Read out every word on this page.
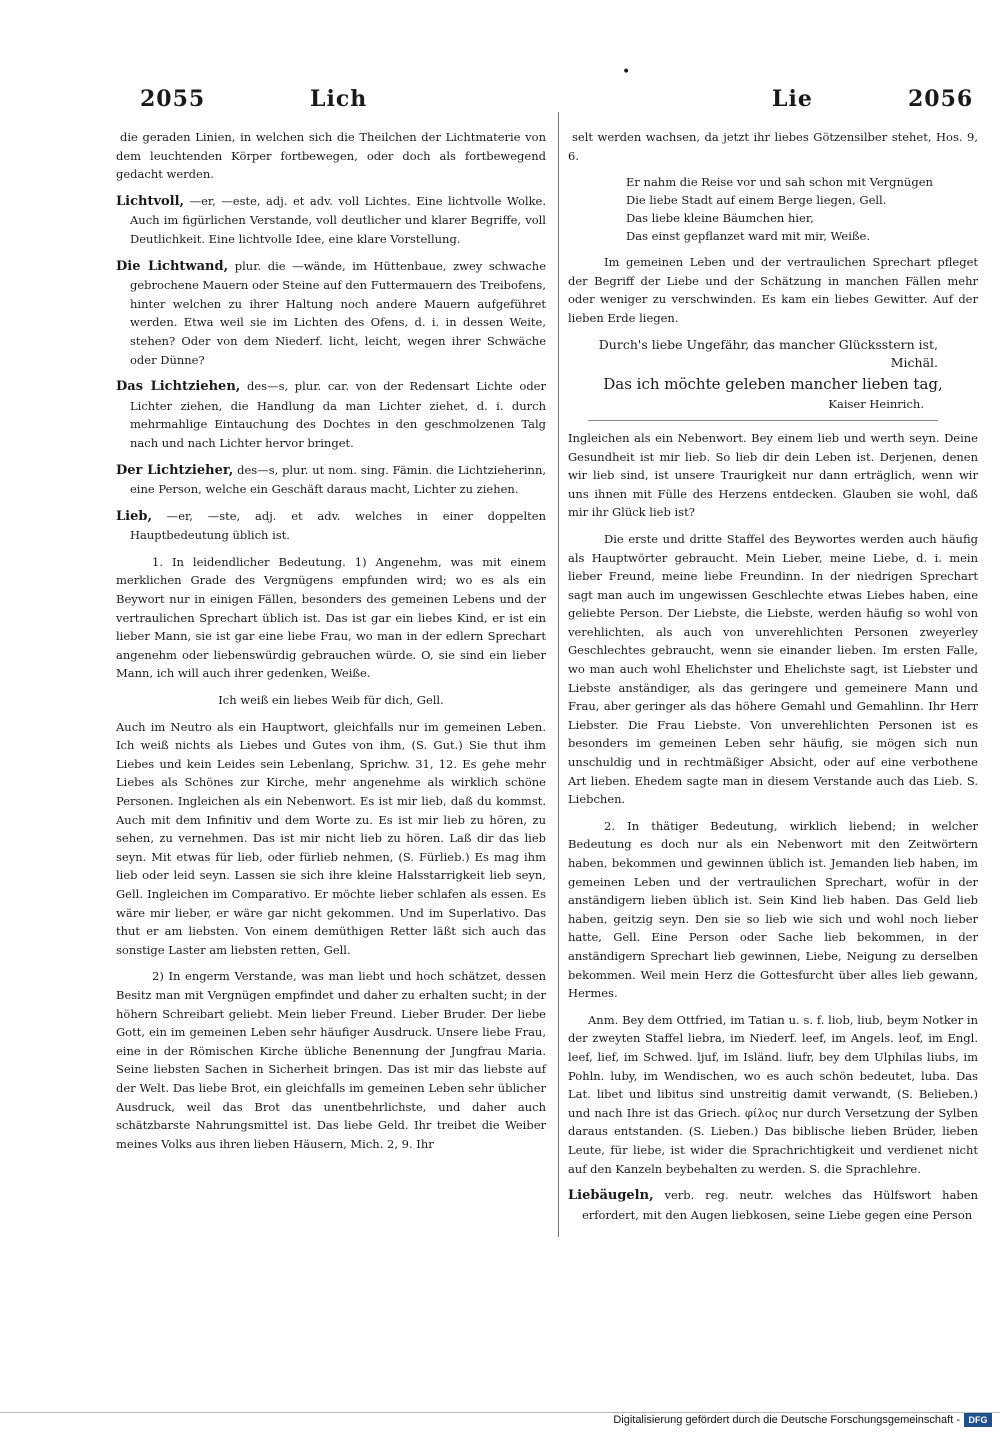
2055	Lich
•
Lie	2056

die geraden Linien, in welchen sich die Theilchen der Lichtmaterie von dem leuchtenden Körper fortbewegen, oder doch als fortbewegend gedacht werden.

Lichtvoll, —er, —este, adj. et adv. voll Lichtes. Eine lichtvolle Wolke. Auch im figürlichen Verstande, voll deutlicher und klarer Begriffe, voll Deutlichkeit. Eine lichtvolle Idee, eine klare Vorstellung.

Die Lichtwand, plur. die —wände, im Hüttenbaue, zwey schwache gebrochene Mauern oder Steine auf den Futtermauern des Treibofens, hinter welchen zu ihrer Haltung noch andere Mauern aufgeführet werden. Etwa weil sie im Lichten des Ofens, d. i. in dessen Weite, stehen? Oder von dem Niederf. licht, leicht, wegen ihrer Schwäche oder Dünne?

Das Lichtziehen, des—s, plur. car. von der Redensart Lichte oder Lichter ziehen, die Handlung da man Lichter ziehet, d. i. durch mehrmahlige Eintauchung des Dochtes in den geschmolzenen Talg nach und nach Lichter hervor bringet.

Der Lichtzieher, des—s, plur. ut nom. sing. Fämin. die Lichtzieherinn, eine Person, welche ein Geschäft daraus macht, Lichter zu ziehen.

Lieb, —er, —ste, adj. et adv. welches in einer doppelten Hauptbedeutung üblich ist.

1. In leidendlicher Bedeutung. 1) Angenehm, was mit einem merklichen Grade des Vergnügens empfunden wird; wo es als ein Beywort nur in einigen Fällen, besonders des gemeinen Lebens und der vertraulichen Sprechart üblich ist. Das ist gar ein liebes Kind, er ist ein lieber Mann, sie ist gar eine liebe Frau, wo man in der edlern Sprechart angenehm oder liebenswürdig gebrauchen würde. O, sie sind ein lieber Mann, ich will auch ihrer gedenken, Weiße.

Ich weiß ein liebes Weib für dich, Gell.

Auch im Neutro als ein Hauptwort, gleichfalls nur im gemeinen Leben. Ich weiß nichts als Liebes und Gutes von ihm, (S. Gut.) Sie thut ihm Liebes und kein Leides sein Lebenlang, Sprichw. 31, 12. Es gehe mehr Liebes als Schönes zur Kirche, mehr angenehme als wirklich schöne Personen. Ingleichen als ein Nebenwort. Es ist mir lieb, daß du kommst. Auch mit dem Infinitiv und dem Worte zu. Es ist mir lieb zu hören, zu sehen, zu vernehmen. Das ist mir nicht lieb zu hören. Laß dir das lieb seyn. Mit etwas für lieb, oder fürlieb nehmen, (S. Fürlieb.) Es mag ihm lieb oder leid seyn. Lassen sie sich ihre kleine Halsstarrigkeit lieb seyn, Gell. Ingleichen im Comparativo. Er möchte lieber schlafen als essen. Es wäre mir lieber, er wäre gar nicht gekommen. Und im Superlativo. Das thut er am liebsten. Von einem demüthigen Retter läßt sich auch das sonstige Laster am liebsten retten, Gell.

2) In engerm Verstande, was man liebt und hoch schätzet, dessen Besitz man mit Vergnügen empfindet und daher zu erhalten sucht; in der höhern Schreibart geliebt. Mein lieber Freund. Lieber Bruder. Der liebe Gott, ein im gemeinen Leben sehr häufiger Ausdruck. Unsere liebe Frau, eine in der Römischen Kirche übliche Benennung der Jungfrau Maria. Seine liebsten Sachen in Sicherheit bringen. Das ist mir das liebste auf der Welt. Das liebe Brot, ein gleichfalls im gemeinen Leben sehr üblicher Ausdruck, weil das Brot das unentbehrlichste, und daher auch schätzbarste Nahrungsmittel ist. Das liebe Geld. Ihr treibet die Weiber meines Volks aus ihren lieben Häusern, Mich. 2, 9. Ihr

selt werden wachsen, da jetzt ihr liebes Götzensilber stehet, Hos. 9, 6.

Er nahm die Reise vor und sah schon mit Vergnügen
Die liebe Stadt auf einem Berge liegen, Gell.
Das liebe kleine Bäumchen hier,
Das einst gepflanzet ward mit mir, Weiße.

Im gemeinen Leben und der vertraulichen Sprechart pfleget der Begriff der Liebe und der Schätzung in manchen Fällen mehr oder weniger zu verschwinden. Es kam ein liebes Gewitter. Auf der lieben Erde liegen.

Durch's liebe Ungefähr, das mancher Glücksstern ist, Michäl.

Das ich möchte geleben mancher lieben tag,

Kaiser Heinrich.

Ingleichen als ein Nebenwort. Bey einem lieb und werth seyn. Deine Gesundheit ist mir lieb. So lieb dir dein Leben ist. Derjenen, denen wir lieb sind, ist unsere Traurigkeit nur dann erträglich, wenn wir uns ihnen mit Fülle des Herzens entdecken. Glauben sie wohl, daß mir ihr Glück lieb ist?

Die erste und dritte Staffel des Beywortes werden auch häufig als Hauptwörter gebraucht. Mein Lieber, meine Liebe, d. i. mein lieber Freund, meine liebe Freundinn. In der niedrigen Sprechart sagt man auch im ungewissen Geschlechte etwas Liebes haben, eine geliebte Person. Der Liebste, die Liebste, werden häufig so wohl von verehlichten, als auch von unverehlichten Personen zweyerley Geschlechtes gebraucht, wenn sie einander lieben. Im ersten Falle, wo man auch wohl Ehelichster und Ehelichste sagt, ist Liebster und Liebste anständiger, als das geringere und gemeinere Mann und Frau, aber geringer als das höhere Gemahl und Gemahlinn. Ihr Herr Liebster. Die Frau Liebste. Von unverehlichten Personen ist es besonders im gemeinen Leben sehr häufig, sie mögen sich nun unschuldig und in rechtmäßiger Absicht, oder auf eine verbothene Art lieben. Ehedem sagte man in diesem Verstande auch das Lieb. S. Liebchen.

2. In thätiger Bedeutung, wirklich liebend; in welcher Bedeutung es doch nur als ein Nebenwort mit den Zeitwörtern haben, bekommen und gewinnen üblich ist. Jemanden lieb haben, im gemeinen Leben und der vertraulichen Sprechart, wofür in der anständigern lieben üblich ist. Sein Kind lieb haben. Das Geld lieb haben, geitzig seyn. Den sie so lieb wie sich und wohl noch lieber hatte, Gell. Eine Person oder Sache lieb bekommen, in der anständigern Sprechart lieb gewinnen, Liebe, Neigung zu derselben bekommen. Weil mein Herz die Gottesfurcht über alles lieb gewann, Hermes.

Anm. Bey dem Ottfried, im Tatian u. s. f. liob, liub, beym Notker in der zweyten Staffel liebra, im Niederf. leef, im Angels. leof, im Engl. leef, lief, im Schwed. ljuf, im Isländ. liufr, bey dem Ulphilas liubs, im Pohln. luby, im Wendischen, wo es auch schön bedeutet, luba. Das Lat. libet und libitus sind unstreitig damit verwandt, (S. Belieben.) und nach Ihre ist das Griech. φίλος nur durch Versetzung der Sylben daraus entstanden. (S. Lieben.) Das biblische lieben Brüder, lieben Leute, für liebe, ist wider die Sprachrichtigkeit und verdienet nicht auf den Kanzeln beybehalten zu werden. S. die Sprachlehre.

Liebäugeln, verb. reg. neutr. welches das Hülfswort haben erfordert, mit den Augen liebkosen, seine Liebe gegen eine Person

Digitalisierung gefördert durch die Deutsche Forschungsgemeinschaft - DFG
